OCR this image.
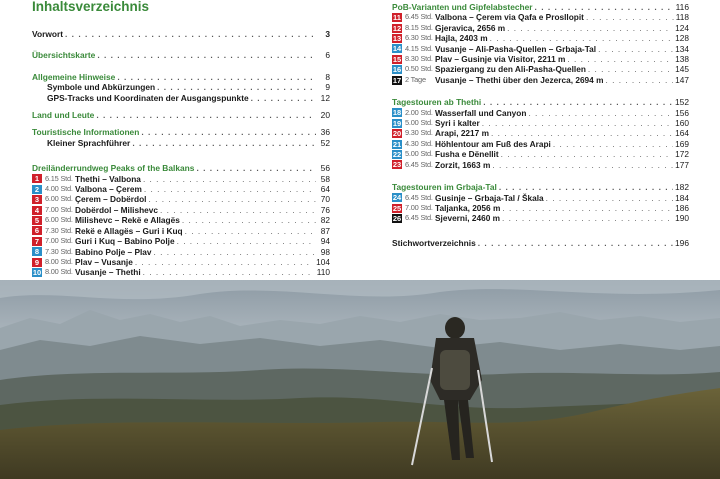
Inhaltsverzeichnis
Vorwort . . .	3
Übersichtskarte . . .	6
Allgemeine Hinweise . . .	8
Symbole und Abkürzungen . . .	9
GPS-Tracks und Koordinaten der Ausgangspunkte . . .	12
Land und Leute . . .	20
Touristische Informationen . . .	36
Kleiner Sprachführer . . .	52
Dreiländerrundweg Peaks of the Balkans . . .	56
1 6.15 Std. Thethi – Valbona . . .	58
2 4.00 Std. Valbona – Çerem . . .	64
3 6.00 Std. Çerem – Dobërdol . . .	70
4 7.00 Std. Dobërdol – Milishevc . . .	76
5 6.00 Std. Milishevc – Rekë e Allagës . . .	82
6 7.30 Std. Rekë e Allagës – Guri i Kuq . . .	87
7 7.00 Std. Guri i Kuq – Babino Polje . . .	94
8 7.30 Std. Babino Polje – Plav . . .	98
9 8.00 Std. Plav – Vusanje . . .	104
10 8.00 Std. Vusanje – Thethi . . .	110
PoB-Varianten und Gipfelabstecher . . .	116
11 6.45 Std. Valbona – Çerem via Qafa e Prosllopit . . .	118
12 8.15 Std. Gjeravica, 2656 m . . .	124
13 6.30 Std. Hajla, 2403 m . . .	128
14 4.15 Std. Vusanje – Ali-Pasha-Quellen – Grbaja-Tal . . .	134
15 8.30 Std. Plav – Gusinje via Visitor, 2211 m . . .	138
16 0.50 Std. Spaziergang zu den Ali-Pasha-Quellen . . .	145
17 2 Tage	Vusanje – Thethi über den Jezerca, 2694 m . . .	147
Tagestouren ab Thethi . . .	152
18 2.00 Std. Wasserfall und Canyon . . .	156
19 5.00 Std. Syri i kalter . . .	160
20 9.30 Std. Arapi, 2217 m . . .	164
21 4.30 Std. Höhlentour am Fuß des Arapi . . .	169
22 5.00 Std. Fusha e Dënellit . . .	172
23 6.45 Std. Zorzit, 1663 m . . .	177
Tagestouren im Grbaja-Tal . . .	182
24 6.45 Std. Gusinje – Grbaja-Tal / Škala . . .	184
25 7.00 Std. Taljanka, 2056 m . . .	186
26 6.45 Std. Sjeverni, 2460 m . . .	190
Stichwortverzeichnis . . .	196
